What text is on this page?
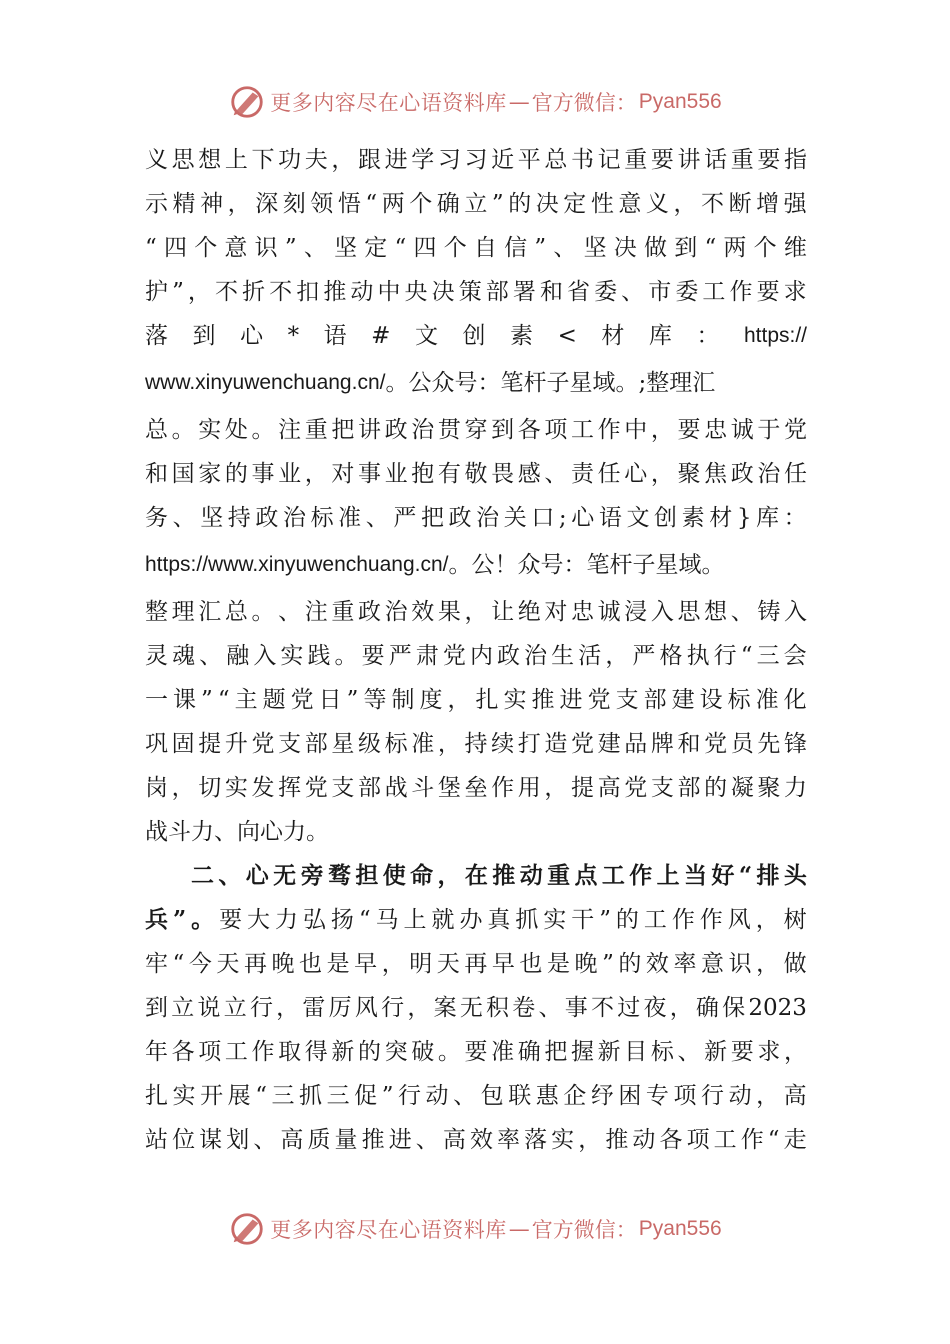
更多内容尽在心语资料库 — 官方微信： Pyan556
义 思 想 上 下 功 夫 ， 跟 进 学 习 习 近 平 总 书 记 重 要 讲 话 重 要 指
示 精 神 ， 深 刻 领 悟 “ 两 个 确 立 ” 的 决 定 性 意 义 ， 不 断 增 强
“ 四 个 意 识 ” 、 坚 定 “ 四 个 自 信 ” 、 坚 决 做 到 “ 两 个 维
护 ” ， 不 折 不 扣 推 动 中 央 决 策 部 署 和 省 委 、 市 委 工 作 要 求
落 到 心 * 语 # 文 创 素 < 材 库 ： https://
www.xinyuwenchuang.cn/ 。公众号：笔杆子星域。;整理汇
总 。 实 处 。 注 重 把 讲 政 治 贯 穿 到 各 项 工 作 中 ， 要 忠 诚 于 党
和 国 家 的 事 业 ， 对 事 业 抱 有 敬 畏 感 、 责 任 心 ， 聚 焦 政 治 任
务 、 坚 持 政 治 标 准 、 严 把 政 治 关 口 ; 心 语 文 创 素 材 } 库 ：
https://www.xinyuwenchuang.cn/ 。公！众号：笔杆子星域。
整 理 汇 总 。 、 注 重 政 治 效 果 ， 让 绝 对 忠 诚 浸 入 思 想 、 铸 入
灵 魂 、 融 入 实 践 。 要 严 肃 党 内 政 治 生 活 ， 严 格 执 行 “ 三 会
一 课 ” “ 主 题 党 日 ” 等 制 度 ， 扎 实 推 进 党 支 部 建 设 标 准 化
巩 固 提 升 党 支 部 星 级 标 准 ， 持 续 打 造 党 建 品 牌 和 党 员 先 锋
岗 ， 切 实 发 挥 党 支 部 战 斗 堡 垒 作 用 ， 提 高 党 支 部 的 凝 聚 力
战斗力、向心力。
二 、 心 无 旁 骛 担 使 命 ， 在 推 动 重 点 工 作 上 当 好 “ 排 头
兵 ” 。 要 大 力 弘 扬 “ 马 上 就 办 真 抓 实 干 ” 的 工 作 作 风 ， 树
牢 “ 今 天 再 晚 也 是 早 ， 明 天 再 早 也 是 晚 ” 的 效 率 意 识 ， 做
到 立 说 立 行 ， 雷 厉 风 行 ， 案 无 积 卷 、 事 不 过 夜 ， 确 保 2023
年 各 项 工 作 取 得 新 的 突 破 。 要 准 确 把 握 新 目 标 、 新 要 求 ，
扎 实 开 展 “ 三 抓 三 促 ” 行 动 、 包 联 惠 企 纾 困 专 项 行 动 ， 高
站 位 谋 划 、 高 质 量 推 进 、 高 效 率 落 实 ， 推 动 各 项 工 作 “ 走
更多内容尽在心语资料库 — 官方微信： Pyan556
